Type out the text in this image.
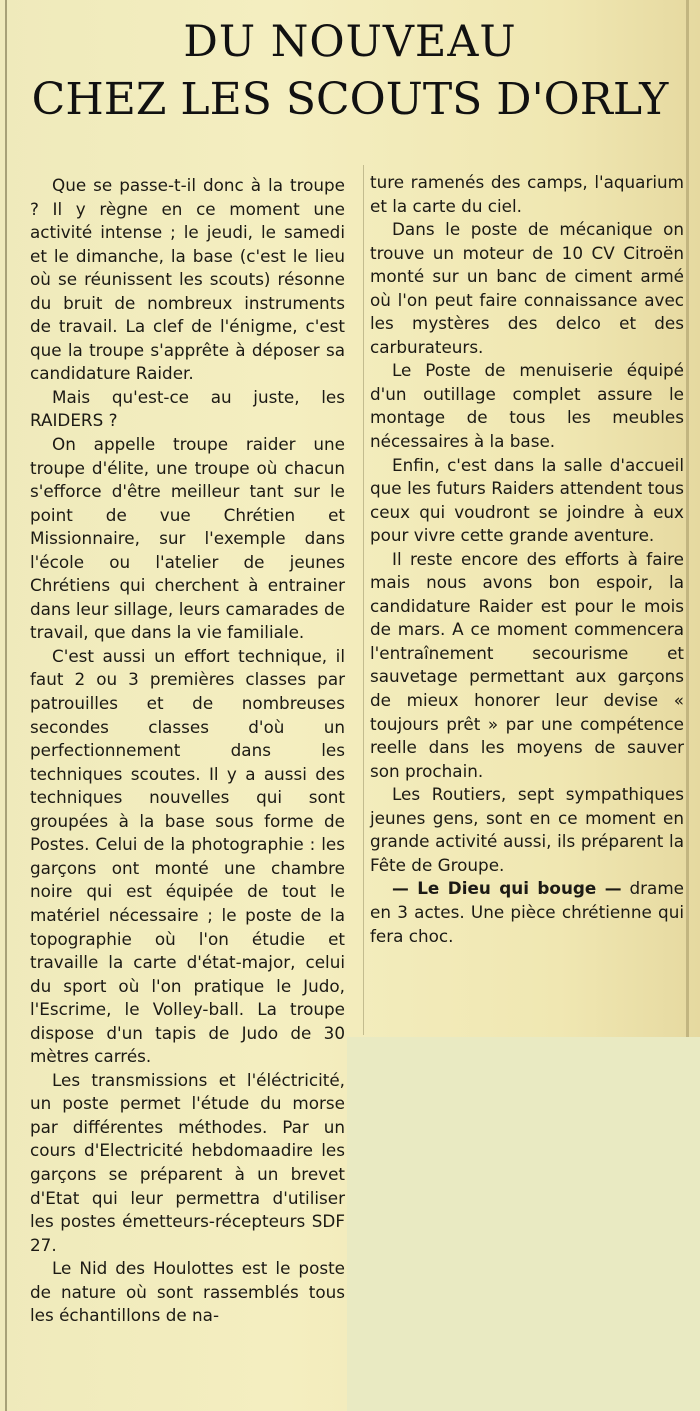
DU NOUVEAU
CHEZ LES SCOUTS D'ORLY

Que se passe-t-il donc à la troupe ? Il y règne en ce moment une activité intense ; le jeudi, le samedi et le dimanche, la base (c'est le lieu où se réunissent les scouts) résonne du bruit de nombreux instruments de travail. La clef de l'énigme, c'est que la troupe s'apprête à déposer sa candidature Raider.

Mais qu'est-ce au juste, les RAIDERS ?

On appelle troupe raider une troupe d'élite, une troupe où chacun s'efforce d'être meilleur tant sur le point de vue Chrétien et Missionnaire, sur l'exemple dans l'école ou l'atelier de jeunes Chrétiens qui cherchent à entrainer dans leur sillage, leurs camarades de travail, que dans la vie familiale.

C'est aussi un effort technique, il faut 2 ou 3 premières classes par patrouilles et de nombreuses secondes classes d'où un perfectionnement dans les techniques scoutes. Il y a aussi des techniques nouvelles qui sont groupées à la base sous forme de Postes. Celui de la photographie : les garçons ont monté une chambre noire qui est équipée de tout le matériel nécessaire ; le poste de la topographie où l'on étudie et travaille la carte d'état-major, celui du sport où l'on pratique le Judo, l'Escrime, le Volley-ball. La troupe dispose d'un tapis de Judo de 30 mètres carrés.

Les transmissions et l'éléctricité, un poste permet l'étude du morse par différentes méthodes. Par un cours d'Electricité hebdomaadire les garçons se préparent à un brevet d'Etat qui leur permettra d'utiliser les postes émetteurs-récepteurs SDF 27.

Le Nid des Houlottes est le poste de nature où sont rassemblés tous les échantillons de na-

ture ramenés des camps, l'aquarium et la carte du ciel.

Dans le poste de mécanique on trouve un moteur de 10 CV Citroën monté sur un banc de ciment armé où l'on peut faire connaissance avec les mystères des delco et des carburateurs.

Le Poste de menuiserie équipé d'un outillage complet assure le montage de tous les meubles nécessaires à la base.

Enfin, c'est dans la salle d'accueil que les futurs Raiders attendent tous ceux qui voudront se joindre à eux pour vivre cette grande aventure.

Il reste encore des efforts à faire mais nous avons bon espoir, la candidature Raider est pour le mois de mars. A ce moment commencera l'entraînement secourisme et sauvetage permettant aux garçons de mieux honorer leur devise « toujours prêt » par une compétence reelle dans les moyens de sauver son prochain.

Les Routiers, sept sympathiques jeunes gens, sont en ce moment en grande activité aussi, ils préparent la Fête de Groupe.

— Le Dieu qui bouge — drame en 3 actes. Une pièce chrétienne qui fera choc.
